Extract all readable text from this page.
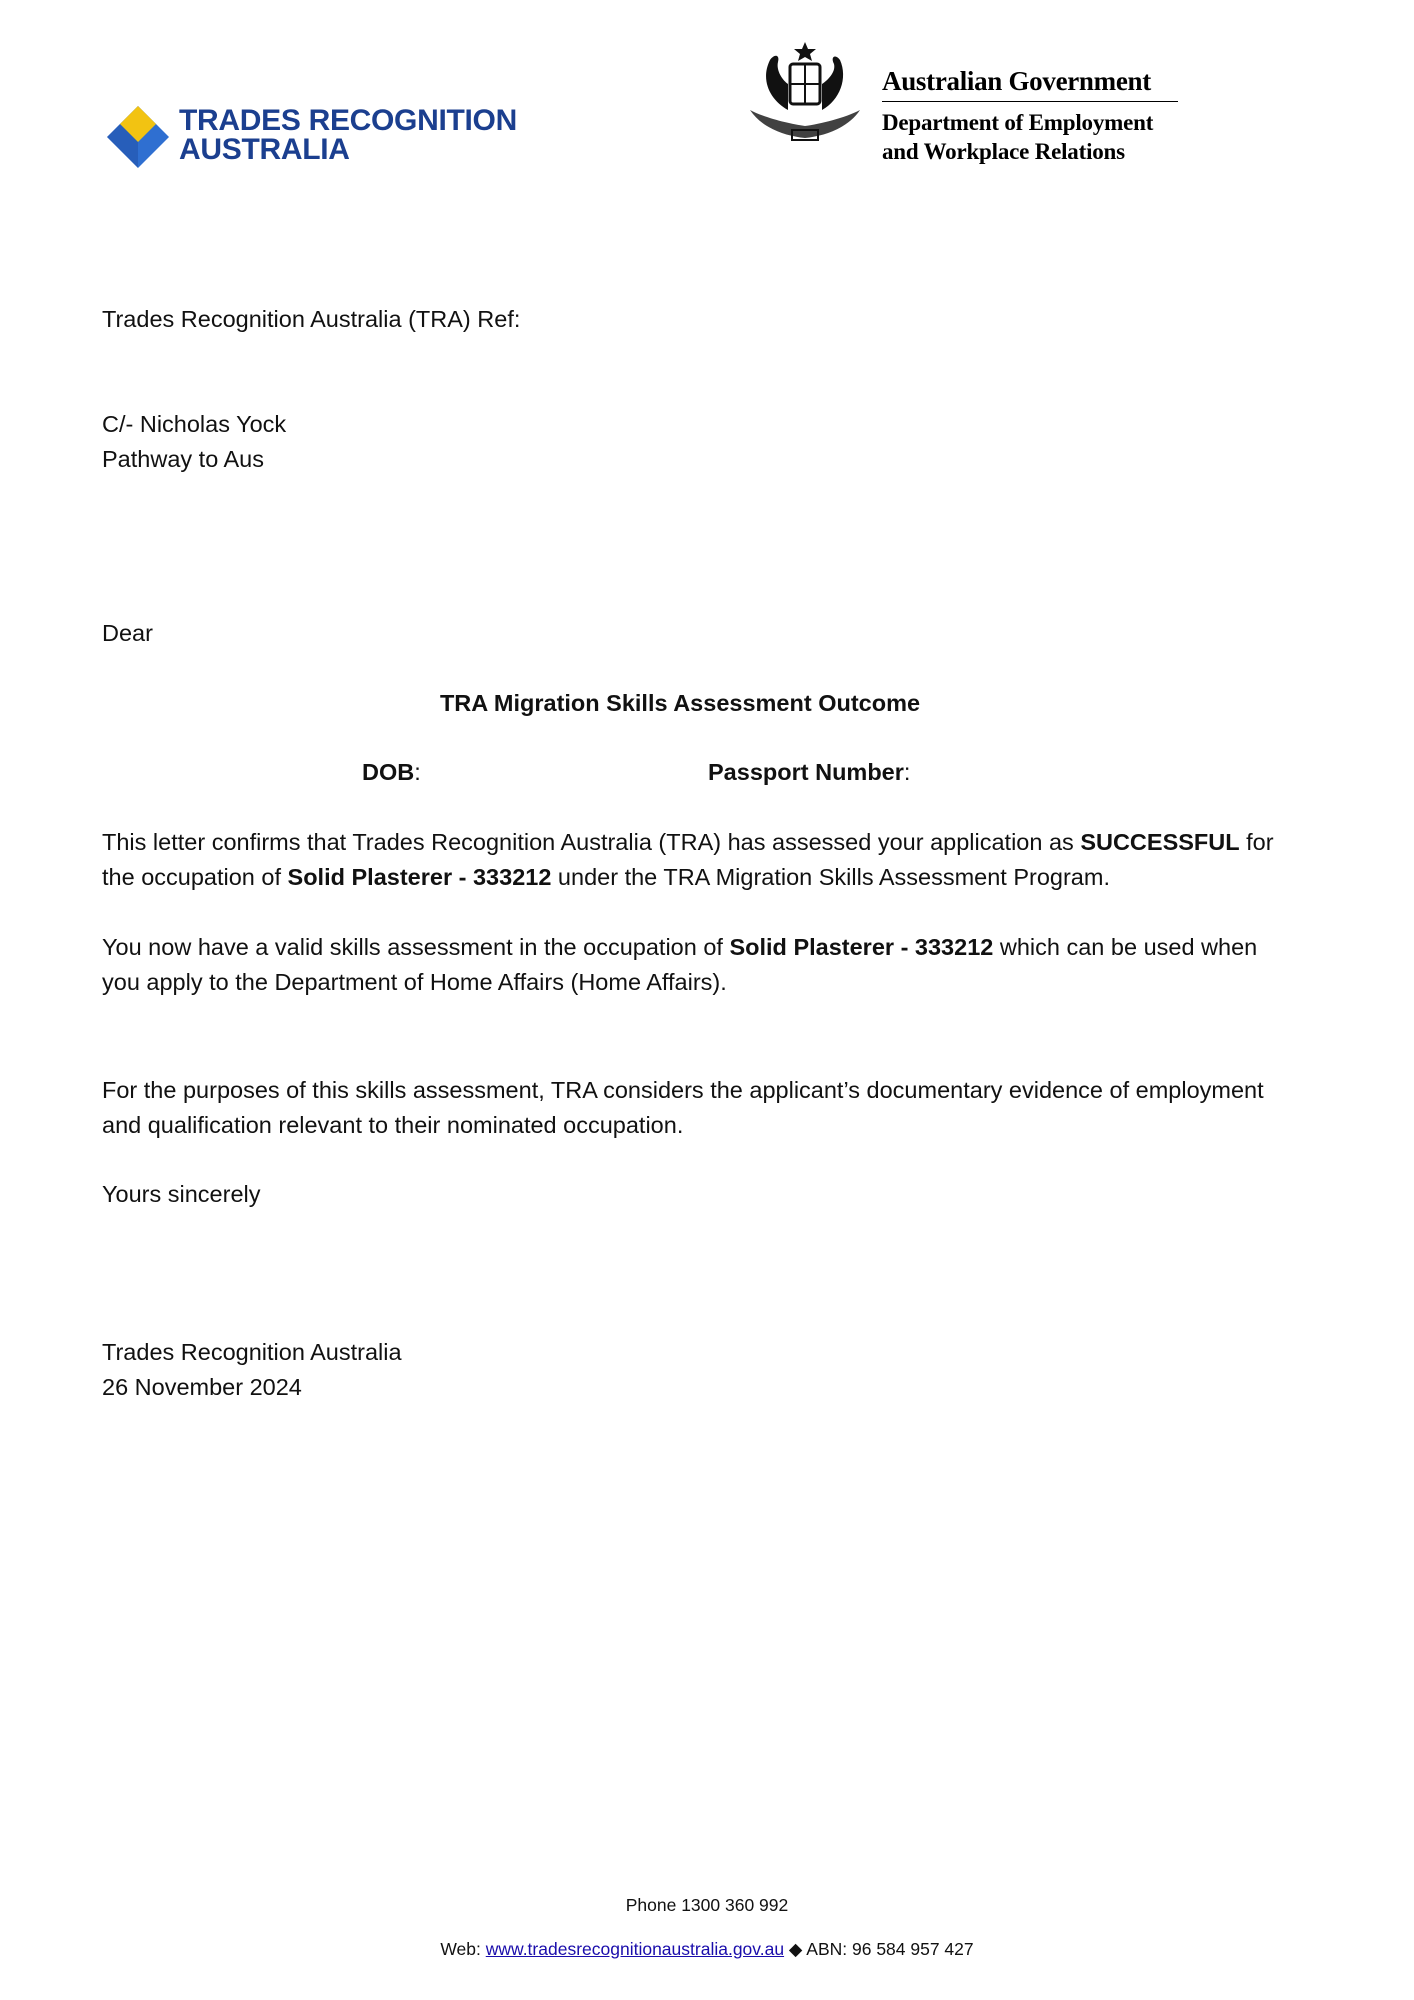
TRADES RECOGNITION
AUSTRALIA
Australian Government
Department of Employment
and Workplace Relations
Trades Recognition Australia (TRA) Ref:
C/- Nicholas Yock
Pathway to Aus
Dear
TRA Migration Skills Assessment Outcome
DOB:	Passport Number:
This letter confirms that Trades Recognition Australia (TRA) has assessed your application as SUCCESSFUL for
the occupation of Solid Plasterer - 333212 under the TRA Migration Skills Assessment Program.
You now have a valid skills assessment in the occupation of Solid Plasterer - 333212 which can be used when
you apply to the Department of Home Affairs (Home Affairs).
For the purposes of this skills assessment, TRA considers the applicant’s documentary evidence of employment
and qualification relevant to their nominated occupation.
Yours sincerely
Trades Recognition Australia
26 November 2024
Phone 1300 360 992
Web: www.tradesrecognitionaustralia.gov.au ◆ ABN: 96 584 957 427
